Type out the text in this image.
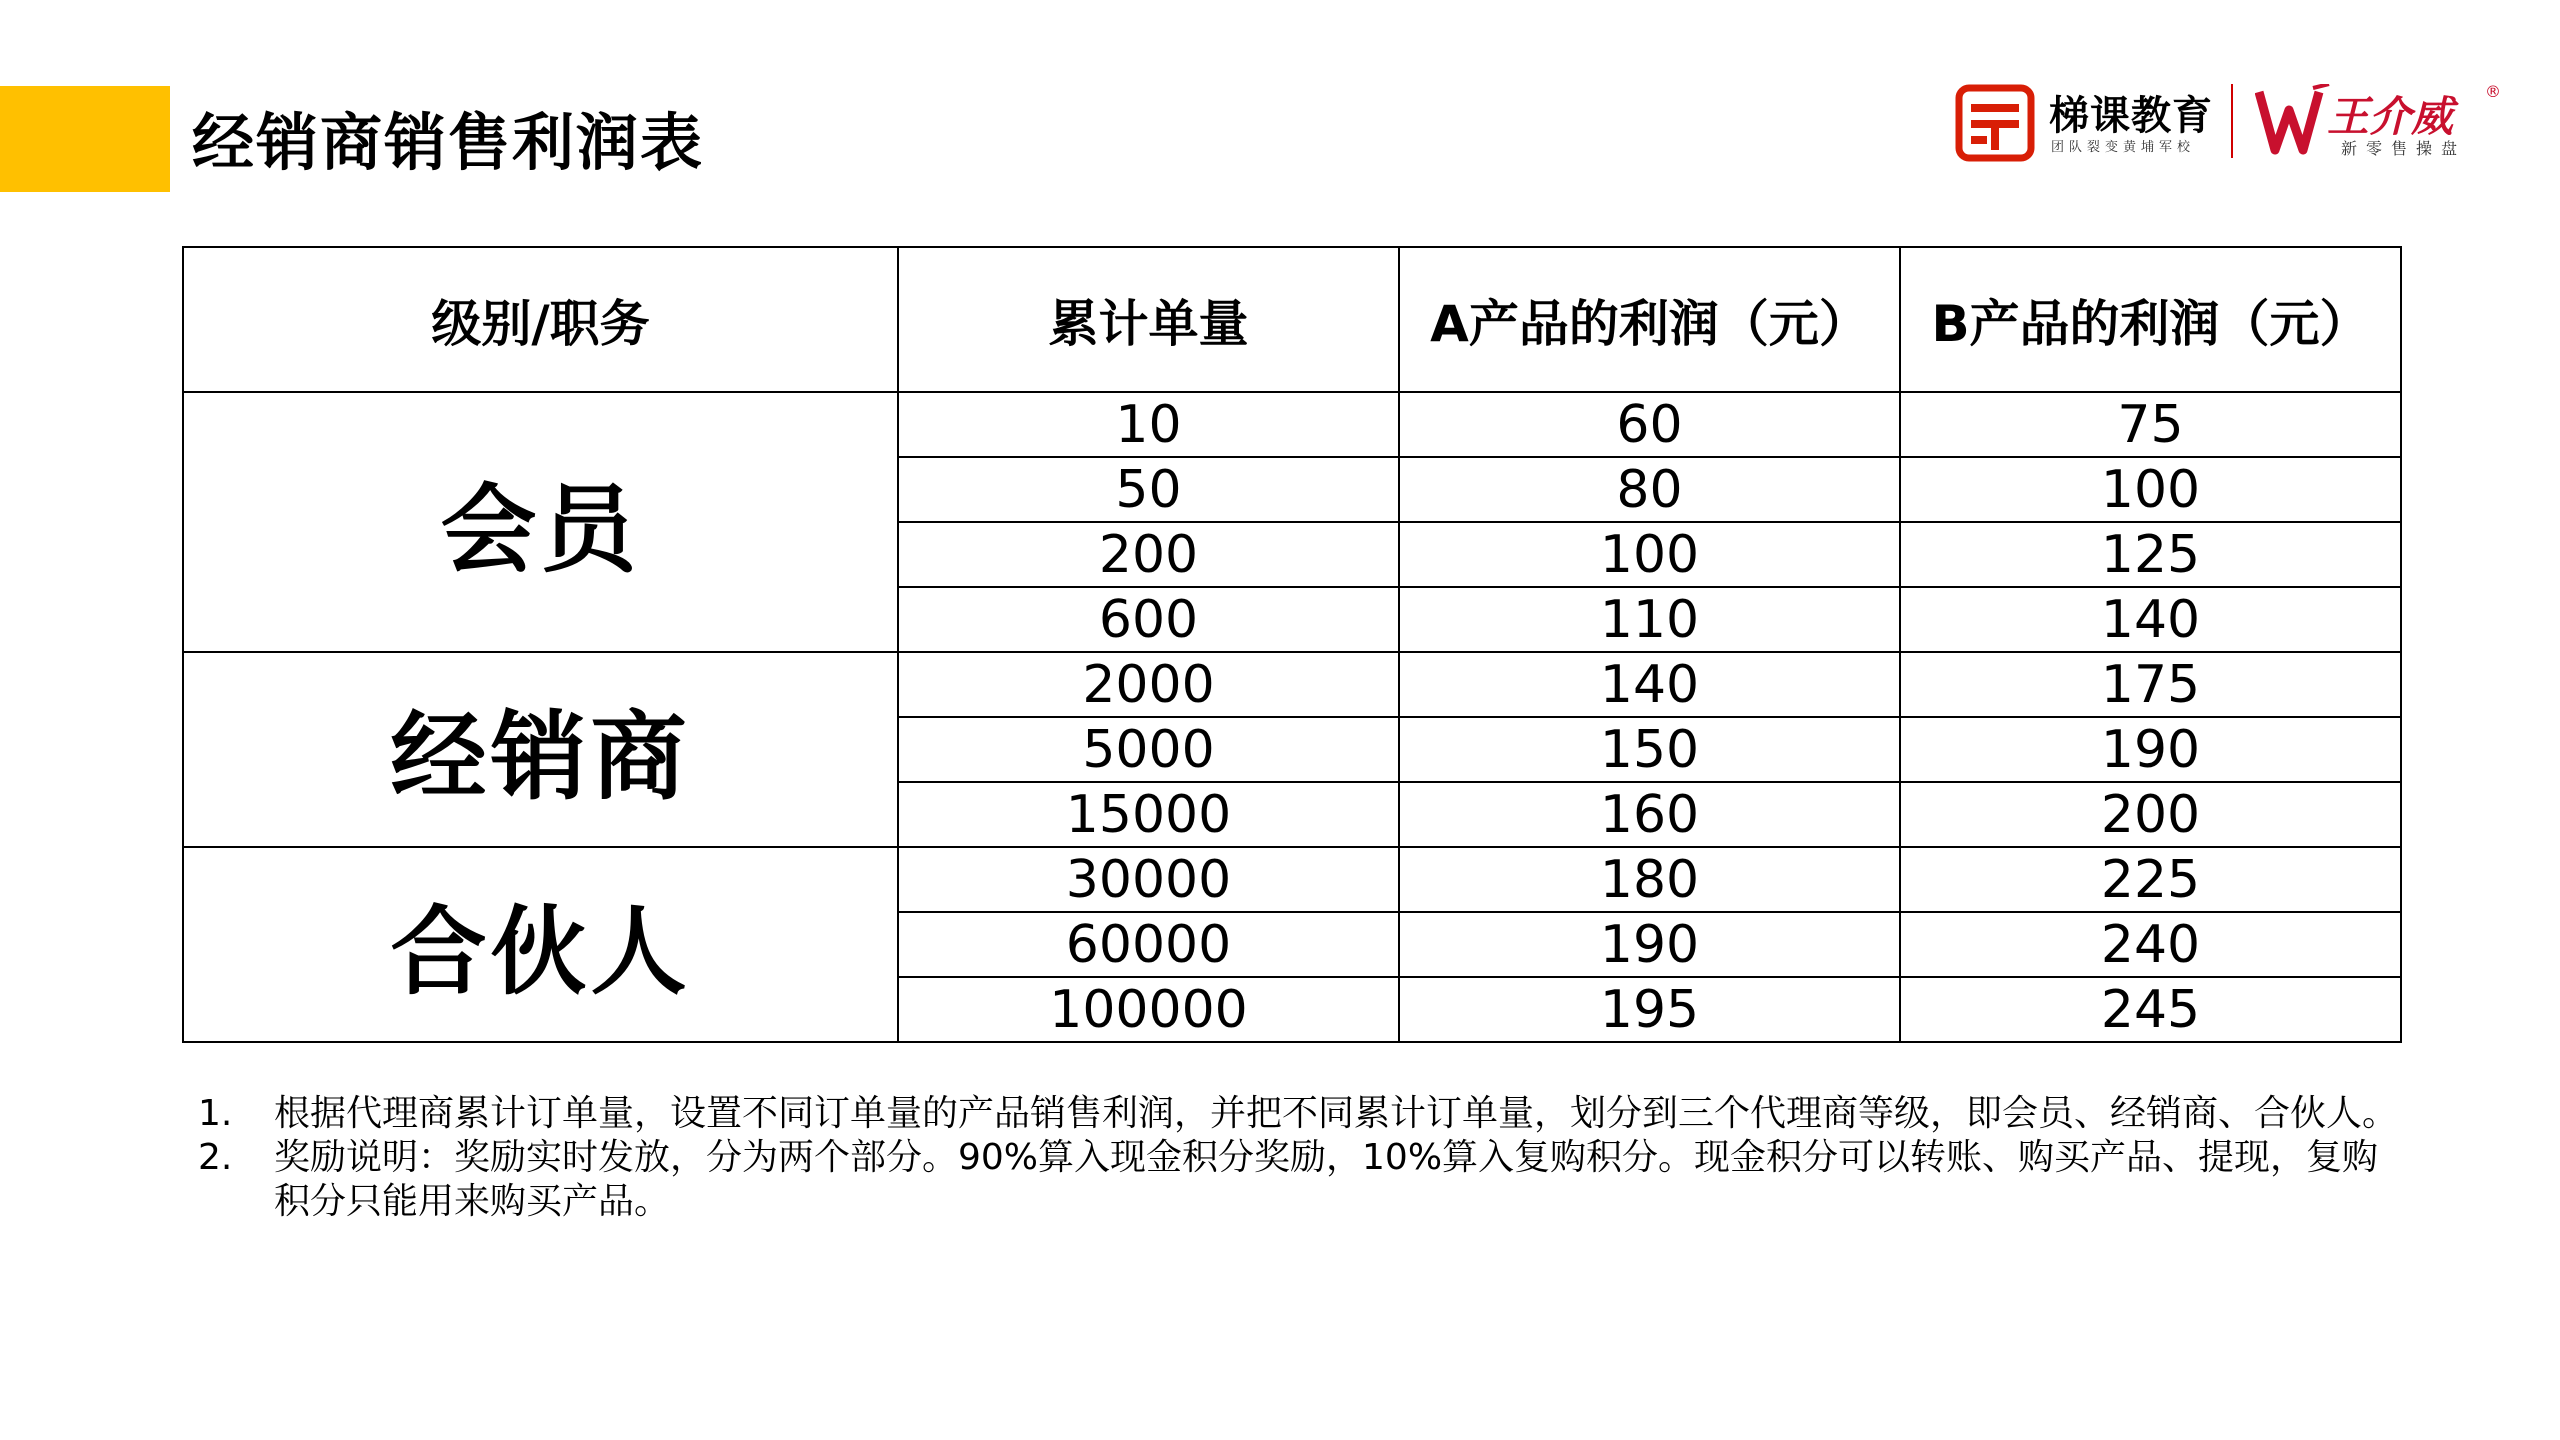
经销商销售利润表	梯课教育
团队裂变黄埔军校
王介威
®
新零售操盘
级别/职务	累计单量	A产品的利润（元）	B产品的利润（元）
会员	10	60	75
	50	80	100
	200	100	125
	600	110	140
经销商	2000	140	175
	5000	150	190
	15000	160	200
合伙人	30000	180	225
	60000	190	240
	100000	195	245
1. 根据代理商累计订单量，设置不同订单量的产品销售利润，并把不同累计订单量，划分到三个代理商等级，即会员、经销商、合伙人。
2. 奖励说明：奖励实时发放，分为两个部分。90%算入现金积分奖励，10%算入复购积分。现金积分可以转账、购买产品、提现，复购积分只能用来购买产品。
